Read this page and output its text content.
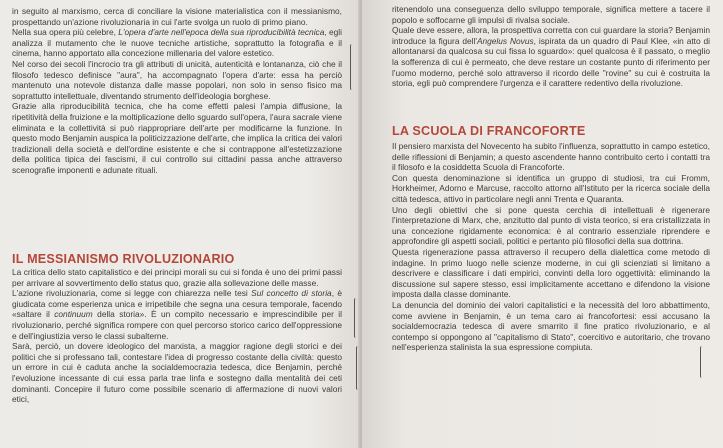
in seguito al marxismo, cerca di conciliare la visione materialistica con il messianismo, prospettando un'azione rivoluzionaria in cui l'arte svolga un ruolo di primo piano.

Nella sua opera più celebre, L'opera d'arte nell'epoca della sua riproducibilità tecnica, egli analizza il mutamento che le nuove tecniche artistiche, soprattutto la fotografia e il cinema, hanno apportato alla concezione millenaria del valore estetico.

Nel corso dei secoli l'incrocio tra gli attributi di unicità, autenticità e lontananza, ciò che il filosofo tedesco definisce "aura", ha accompagnato l'opera d'arte: essa ha perciò mantenuto una notevole distanza dalle masse popolari, non solo in senso fisico ma soprattutto intellettuale, diventando strumento dell'ideologia borghese.

Grazie alla riproducibilità tecnica, che ha come effetti palesi l'ampia diffusione, la ripetitività della fruizione e la moltiplicazione dello sguardo sull'opera, l'aura sacrale viene eliminata e la collettività si può riappropriare dell'arte per modificarne la funzione. In questo modo Benjamin auspica la politicizzazione dell'arte, che implica la critica dei valori tradizionali della società e dell'ordine esistente e che si contrappone all'estetizzazione della politica tipica dei fascismi, il cui controllo sui cittadini passa anche attraverso scenografie imponenti e adunate rituali.

IL MESSIANISMO RIVOLUZIONARIO

La critica dello stato capitalistico e dei principi morali su cui si fonda è uno dei primi passi per arrivare al sovvertimento dello status quo, grazie alla sollevazione delle masse.

L'azione rivoluzionaria, come si legge con chiarezza nelle tesi Sul concetto di storia, è giudicata come esperienza unica e irripetibile che segna una cesura temporale, facendo «saltare il continuum della storia». È un compito necessario e imprescindibile per il rivoluzionario, perché significa rompere con quel percorso storico carico dell'oppressione e dell'ingiustizia verso le classi subalterne.

Sarà, perciò, un dovere ideologico del marxista, a maggior ragione degli storici e dei politici che si professano tali, contestare l'idea di progresso costante della civiltà: questo un errore in cui è caduta anche la socialdemocrazia tedesca, dice Benjamin, perché l'evoluzione incessante di cui essa parla trae linfa e sostegno dalla mentalità dei ceti dominanti. Concepire il futuro come possibile scenario di affermazione di nuovi valori etici,

ritenendolo una conseguenza dello sviluppo temporale, significa mettere a tacere il popolo e soffocarne gli impulsi di rivalsa sociale.

Quale deve essere, allora, la prospettiva corretta con cui guardare la storia? Benjamin introduce la figura dell'Angelus Novus, ispirata da un quadro di Paul Klee, «in atto di allontanarsi da qualcosa su cui fissa lo sguardo»: quel qualcosa è il passato, o meglio la sofferenza di cui è permeato, che deve restare un costante punto di riferimento per l'uomo moderno, perché solo attraverso il ricordo delle "rovine" su cui è costruita la storia, egli può comprendere l'urgenza e il carattere redentivo della rivoluzione.

LA SCUOLA DI FRANCOFORTE

Il pensiero marxista del Novecento ha subito l'influenza, soprattutto in campo estetico, delle riflessioni di Benjamin; a questo ascendente hanno contribuito certo i contatti tra il filosofo e la cosiddetta Scuola di Francoforte.

Con questa denominazione si identifica un gruppo di studiosi, tra cui Fromm, Horkheimer, Adorno e Marcuse, raccolto attorno all'Istituto per la ricerca sociale della città tedesca, attivo in particolare negli anni Trenta e Quaranta.

Uno degli obiettivi che si pone questa cerchia di intellettuali è rigenerare l'interpretazione di Marx, che, anzitutto dal punto di vista teorico, si era cristallizzata in una concezione rigidamente economica: è al contrario essenziale riprendere e approfondire gli aspetti sociali, politici e pertanto più filosofici della sua dottrina.

Questa rigenerazione passa attraverso il recupero della dialettica come metodo di indagine. In primo luogo nelle scienze moderne, in cui gli scienziati si limitano a descrivere e classificare i dati empirici, convinti della loro oggettività: eliminando la discussione sul sapere stesso, essi implicitamente accettano e difendono la visione imposta dalla classe dominante.

La denuncia del dominio dei valori capitalistici e la necessità del loro abbattimento, come avviene in Benjamin, è un tema caro ai francofortesi: essi accusano la socialdemocrazia tedesca di avere smarrito il fine pratico rivoluzionario, e al contempo si oppongono al "capitalismo di Stato", coercitivo e autoritario, che trovano nell'esperienza stalinista la sua espressione compiuta.
